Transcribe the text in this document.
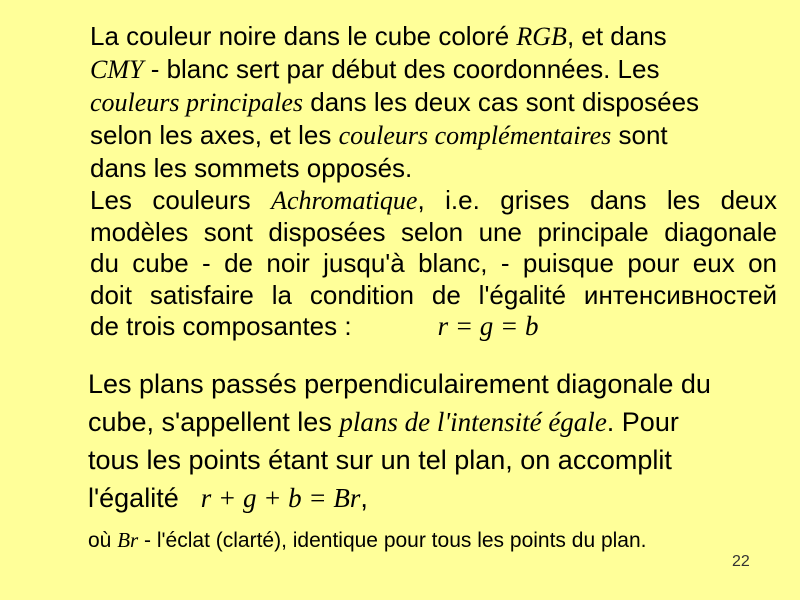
La couleur noire dans le cube coloré RGB, et dans
CMY - blanc sert par début des coordonnées. Les
couleurs principales dans les deux cas sont disposées
selon les axes, et les couleurs complémentaires sont
dans les sommets opposés.
Les couleurs Achromatique, i.e. grises dans les deux
modèles sont disposées selon une principale diagonale
du cube - de noir jusqu'à blanc, - puisque pour eux on
doit satisfaire la condition de l'égalité интенсивностей
de trois composantes :	r = g = b
Les plans passés perpendiculairement diagonale du
cube, s'appellent les plans de l'intensité égale. Pour
tous les points étant sur un tel plan, on accomplit
l'égalité r + g + b = Br,
où Br - l'éclat (clarté), identique pour tous les points du plan.
22
